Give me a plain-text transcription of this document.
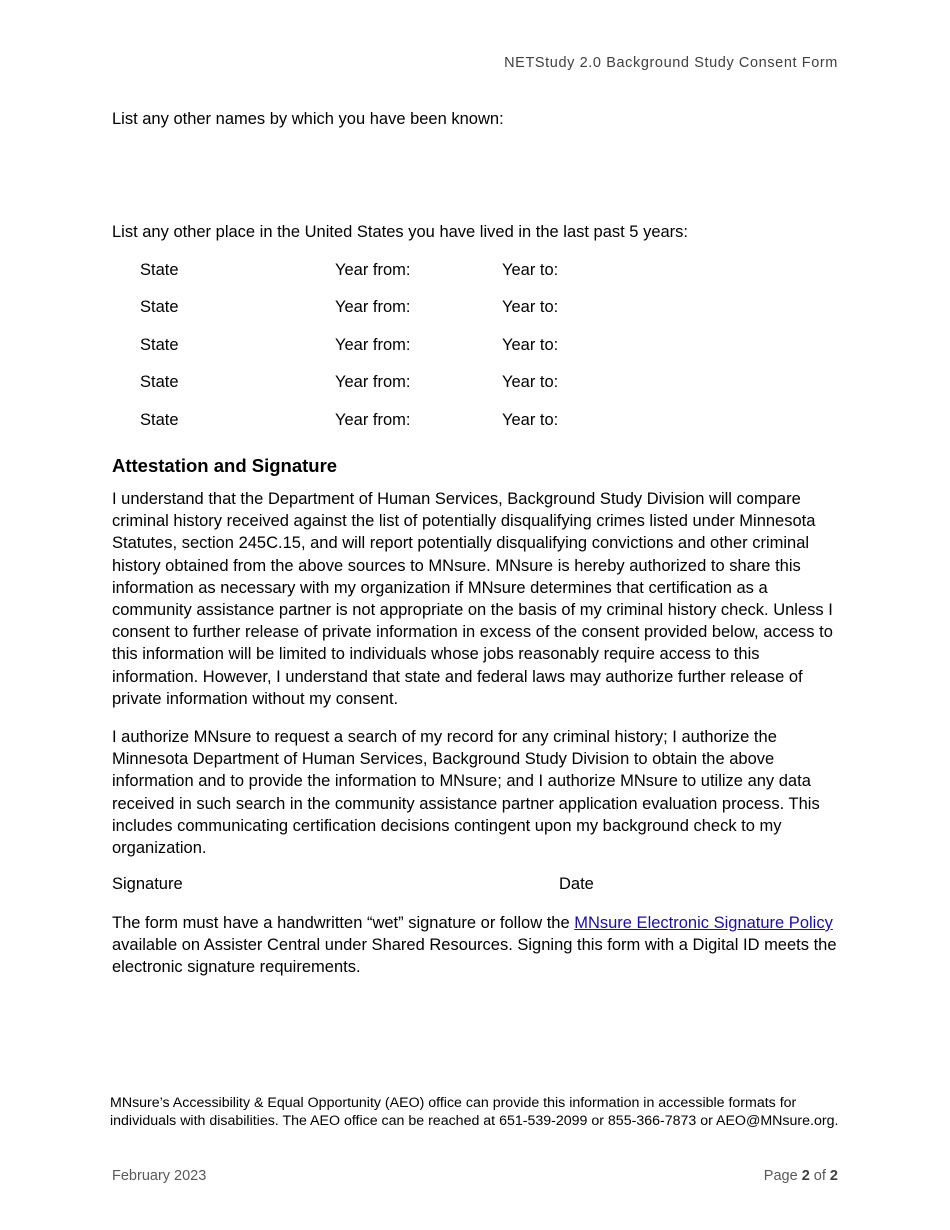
NETStudy 2.0 Background Study Consent Form
List any other names by which you have been known:
List any other place in the United States you have lived in the last past 5 years:
State	Year from:	Year to:
State	Year from:	Year to:
State	Year from:	Year to:
State	Year from:	Year to:
State	Year from:	Year to:
Attestation and Signature
I understand that the Department of Human Services, Background Study Division will compare criminal history received against the list of potentially disqualifying crimes listed under Minnesota Statutes, section 245C.15, and will report potentially disqualifying convictions and other criminal history obtained from the above sources to MNsure. MNsure is hereby authorized to share this information as necessary with my organization if MNsure determines that certification as a community assistance partner is not appropriate on the basis of my criminal history check. Unless I consent to further release of private information in excess of the consent provided below, access to this information will be limited to individuals whose jobs reasonably require access to this information. However, I understand that state and federal laws may authorize further release of private information without my consent.
I authorize MNsure to request a search of my record for any criminal history; I authorize the Minnesota Department of Human Services, Background Study Division to obtain the above information and to provide the information to MNsure; and I authorize MNsure to utilize any data received in such search in the community assistance partner application evaluation process. This includes communicating certification decisions contingent upon my background check to my organization.
Signature	Date
The form must have a handwritten “wet” signature or follow the MNsure Electronic Signature Policy available on Assister Central under Shared Resources. Signing this form with a Digital ID meets the electronic signature requirements.
MNsure’s Accessibility & Equal Opportunity (AEO) office can provide this information in accessible formats for individuals with disabilities. The AEO office can be reached at 651-539-2099 or 855-366-7873 or AEO@MNsure.org.
February 2023	Page 2 of 2
